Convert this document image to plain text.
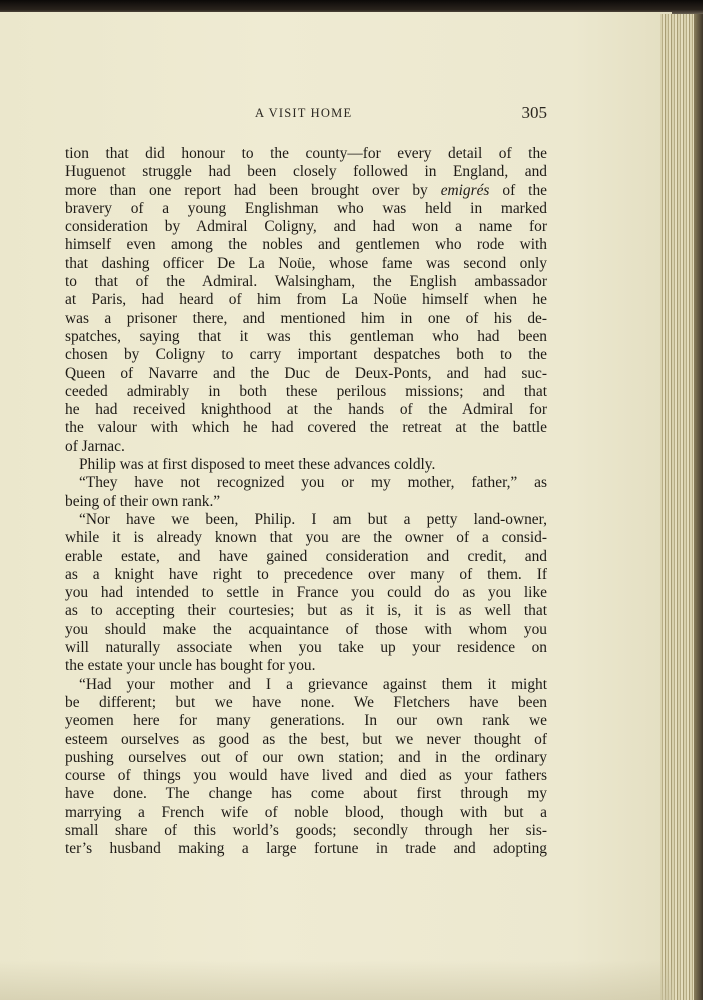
A VISIT HOME	305
tion that did honour to the county—for every detail of the
Huguenot struggle had been closely followed in England, and
more than one report had been brought over by emigrés of the
bravery of a young Englishman who was held in marked
consideration by Admiral Coligny, and had won a name for
himself even among the nobles and gentlemen who rode with
that dashing officer De La Noüe, whose fame was second only
to that of the Admiral. Walsingham, the English ambassador
at Paris, had heard of him from La Noüe himself when he
was a prisoner there, and mentioned him in one of his de-
spatches, saying that it was this gentleman who had been
chosen by Coligny to carry important despatches both to the
Queen of Navarre and the Duc de Deux-Ponts, and had suc-
ceeded admirably in both these perilous missions; and that
he had received knighthood at the hands of the Admiral for
the valour with which he had covered the retreat at the battle
of Jarnac.
Philip was at first disposed to meet these advances coldly.
“They have not recognized you or my mother, father,” as
being of their own rank.”
“Nor have we been, Philip. I am but a petty land-owner,
while it is already known that you are the owner of a consid-
erable estate, and have gained consideration and credit, and
as a knight have right to precedence over many of them. If
you had intended to settle in France you could do as you like
as to accepting their courtesies; but as it is, it is as well that
you should make the acquaintance of those with whom you
will naturally associate when you take up your residence on
the estate your uncle has bought for you.
“Had your mother and I a grievance against them it might
be different; but we have none. We Fletchers have been
yeomen here for many generations. In our own rank we
esteem ourselves as good as the best, but we never thought of
pushing ourselves out of our own station; and in the ordinary
course of things you would have lived and died as your fathers
have done. The change has come about first through my
marrying a French wife of noble blood, though with but a
small share of this world’s goods; secondly through her sis-
ter’s husband making a large fortune in trade and adopting
